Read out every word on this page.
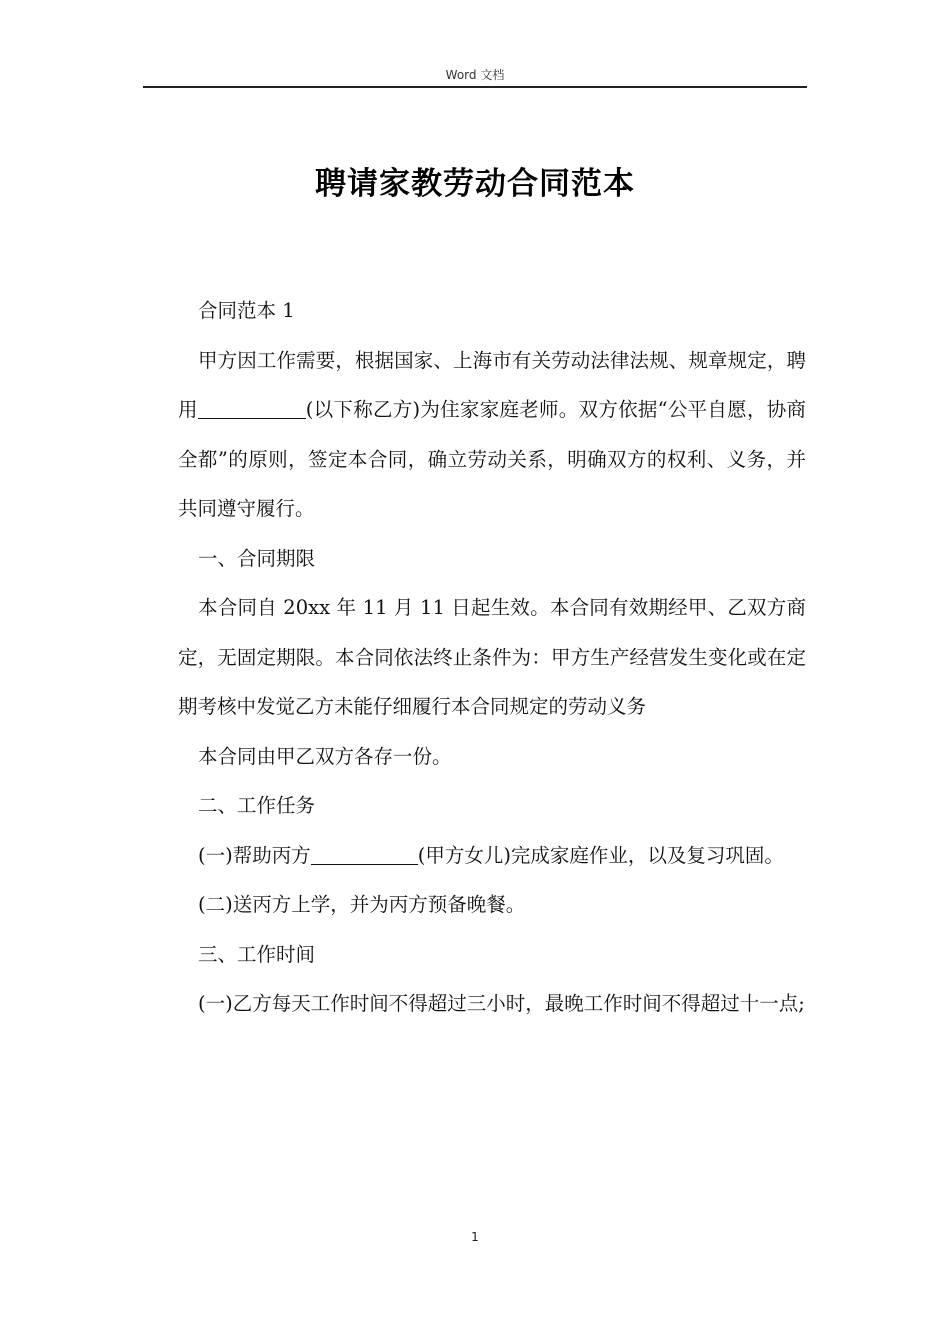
Word 文档
聘请家教劳动合同范本

合同范本 1

甲方因工作需要，根据国家、上海市有关劳动法律法规、规章规定，聘用	(以下称乙方)为住家家庭老师。双方依据“公平自愿，协商全都”的原则，签定本合同，确立劳动关系，明确双方的权利、义务，并共同遵守履行。

一、合同期限

本合同自 20xx 年 11 月 11 日起生效。本合同有效期经甲、乙双方商定，无固定期限。本合同依法终止条件为：甲方生产经营发生变化或在定期考核中发觉乙方未能仔细履行本合同规定的劳动义务

本合同由甲乙双方各存一份。

二、工作任务

(一)帮助丙方	(甲方女儿)完成家庭作业，以及复习巩固。

(二)送丙方上学，并为丙方预备晚餐。

三、工作时间

(一)乙方每天工作时间不得超过三小时，最晚工作时间不得超过十一点;

1
